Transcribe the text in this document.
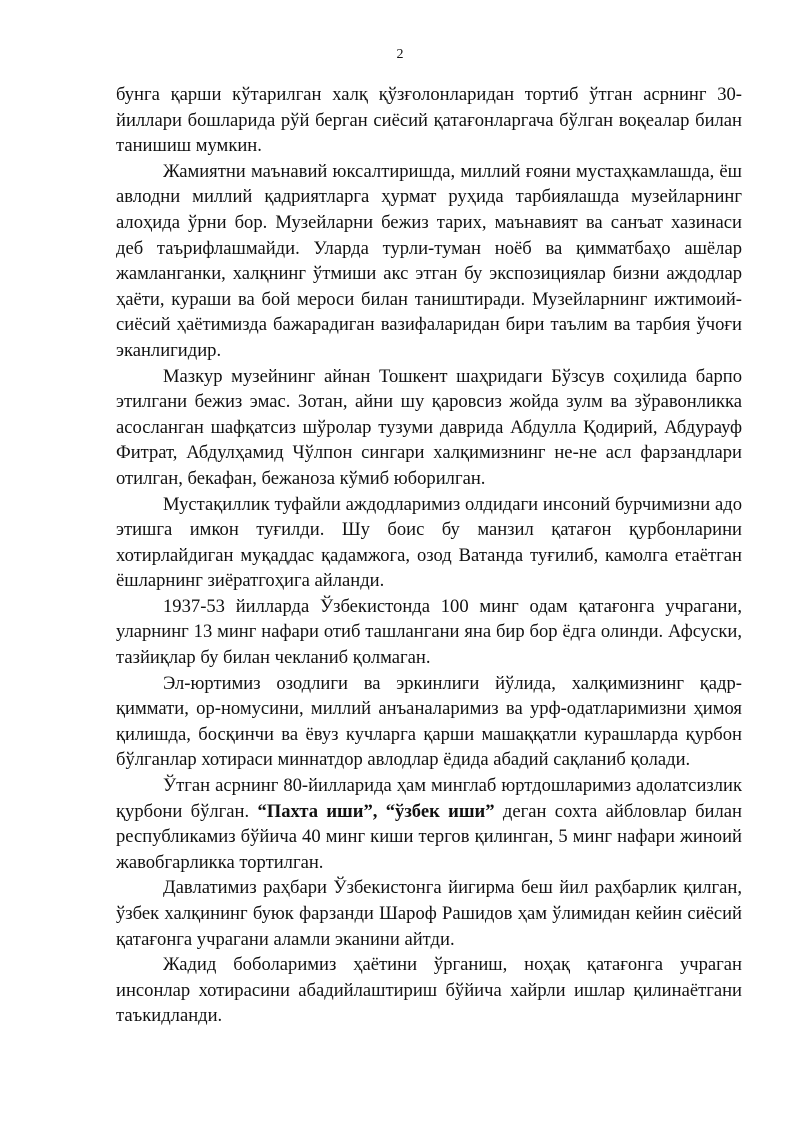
2

бунга қарши кўтарилган халқ қўзғолонларидан тортиб ўтган асрнинг 30-йиллари бошларида рўй берган сиёсий қатағонларгача бўлган воқеалар билан танишиш мумкин.

Жамиятни маънавий юксалтиришда, миллий ғояни мустаҳкамлашда, ёш авлодни миллий қадриятларга ҳурмат руҳида тарбиялашда музейларнинг алоҳида ўрни бор. Музейларни бежиз тарих, маънавият ва санъат хазинаси деб таърифлашмайди. Уларда турли-туман ноёб ва қимматбаҳо ашёлар жамланганки, халқнинг ўтмиши акс этган бу экспозициялар бизни аждодлар ҳаёти, кураши ва бой мероси билан таништиради. Музейларнинг ижтимоий-сиёсий ҳаётимизда бажарадиган вазифаларидан бири таълим ва тарбия ўчоғи эканлигидир.

Мазкур музейнинг айнан Тошкент шаҳридаги Бўзсув соҳилида барпо этилгани бежиз эмас. Зотан, айни шу қаровсиз жойда зулм ва зўравонликка асосланган шафқатсиз шўролар тузуми даврида Абдулла Қодирий, Абдурауф Фитрат, Абдулҳамид Чўлпон сингари халқимизнинг не-не асл фарзандлари отилган, бекафан, бежаноза кўмиб юборилган.

Мустақиллик туфайли аждодларимиз олдидаги инсоний бурчимизни адо этишга имкон туғилди. Шу боис бу манзил қатағон қурбонларини хотирлайдиган муқаддас қадамжога, озод Ватанда туғилиб, камолга етаётган ёшларнинг зиёратгоҳига айланди.

1937-53 йилларда Ўзбекистонда 100 минг одам қатағонга учрагани, уларнинг 13 минг нафари отиб ташлангани яна бир бор ёдга олинди. Афсуски, тазйиқлар бу билан чекланиб қолмаган.

Эл-юртимиз озодлиги ва эркинлиги йўлида, халқимизнинг қадр-қиммати, ор-номусини, миллий анъаналаримиз ва урф-одатларимизни ҳимоя қилишда, босқинчи ва ёвуз кучларга қарши машаққатли курашларда қурбон бўлганлар хотираси миннатдор авлодлар ёдида абадий сақланиб қолади.

Ўтган асрнинг 80-йилларида ҳам минглаб юртдошларимиз адолатсизлик қурбони бўлган. “Пахта иши”, “ўзбек иши” деган сохта айбловлар билан республикамиз бўйича 40 минг киши тергов қилинган, 5 минг нафари жиноий жавобгарликка тортилган.

Давлатимиз раҳбари Ўзбекистонга йигирма беш йил раҳбарлик қилган, ўзбек халқининг буюк фарзанди Шароф Рашидов ҳам ўлимидан кейин сиёсий қатағонга учрагани аламли эканини айтди.

Жадид боболаримиз ҳаётини ўрганиш, ноҳақ қатағонга учраган инсонлар хотирасини абадийлаштириш бўйича хайрли ишлар қилинаётгани таъкидланди.
